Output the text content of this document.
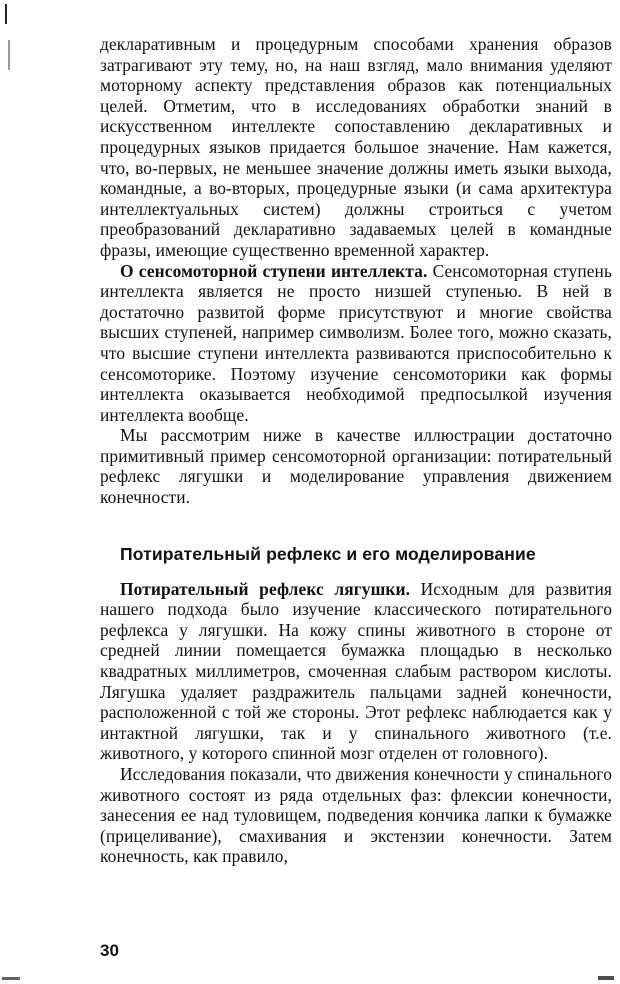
декларативным и процедурным способами хранения образов затрагивают эту тему, но, на наш взгляд, мало внимания уделяют моторному аспекту представления образов как потенциальных целей. Отметим, что в исследованиях обработки знаний в искусственном интеллекте сопоставлению декларативных и процедурных языков придается большое значение. Нам кажется, что, во-первых, не меньшее значение должны иметь языки выхода, командные, а во-вторых, процедурные языки (и сама архитектура интеллектуальных систем) должны строиться с учетом преобразований декларативно задаваемых целей в командные фразы, имеющие существенно временной характер.

О сенсомоторной ступени интеллекта. Сенсомоторная ступень интеллекта является не просто низшей ступенью. В ней в достаточно развитой форме присутствуют и многие свойства высших ступеней, например символизм. Более того, можно сказать, что высшие ступени интеллекта развиваются приспособительно к сенсомоторике. Поэтому изучение сенсомоторики как формы интеллекта оказывается необходимой предпосылкой изучения интеллекта вообще.

Мы рассмотрим ниже в качестве иллюстрации достаточно примитивный пример сенсомоторной организации: потирательный рефлекс лягушки и моделирование управления движением конечности.

Потирательный рефлекс и его моделирование

Потирательный рефлекс лягушки. Исходным для развития нашего подхода было изучение классического потирательного рефлекса у лягушки. На кожу спины животного в стороне от средней линии помещается бумажка площадью в несколько квадратных миллиметров, смоченная слабым раствором кислоты. Лягушка удаляет раздражитель пальцами задней конечности, расположенной с той же стороны. Этот рефлекс наблюдается как у интактной лягушки, так и у спинального животного (т.е. животного, у которого спинной мозг отделен от головного).

Исследования показали, что движения конечности у спинального животного состоят из ряда отдельных фаз: флексии конечности, занесения ее над туловищем, подведения кончика лапки к бумажке (прицеливание), смахивания и экстензии конечности. Затем конечность, как правило,

30
